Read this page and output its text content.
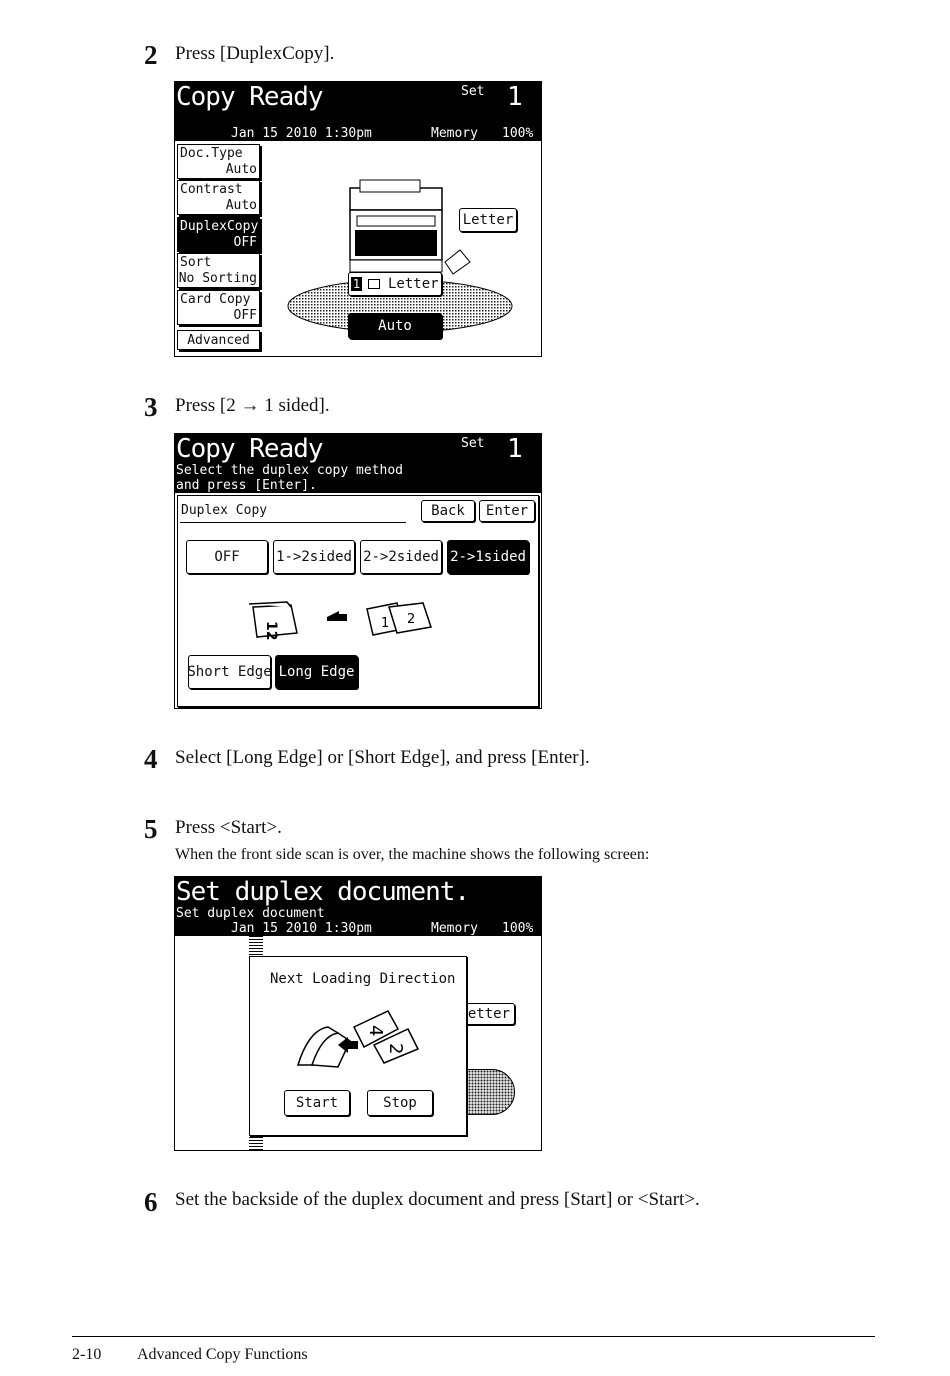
2 Press [DuplexCopy].
Copy Ready	Set 1
Jan 15 2010 1:30pm	Memory 100%
Doc.Type
Auto
Contrast
Auto
DuplexCopy
OFF
Sort
No Sorting
Card Copy
OFF
Advanced
Letter
1 Letter
Auto
3 Press [2 → 1 sided].
Copy Ready	Set 1
Select the duplex copy method
and press [Enter].
Duplex Copy	Back	Enter
OFF	1->2sided 2->2sided 2->1sided
12	1 2
Short Edge Long Edge
4 Select [Long Edge] or [Short Edge], and press [Enter].
5 Press <Start>.
When the front side scan is over, the machine shows the following screen:
Set duplex document.
Set duplex document
Jan 15 2010 1:30pm	Memory 100%
etter
Next Loading Direction
4
2
Start	Stop
6 Set the backside of the duplex document and press [Start] or <Start>.
2-10 Advanced Copy Functions
